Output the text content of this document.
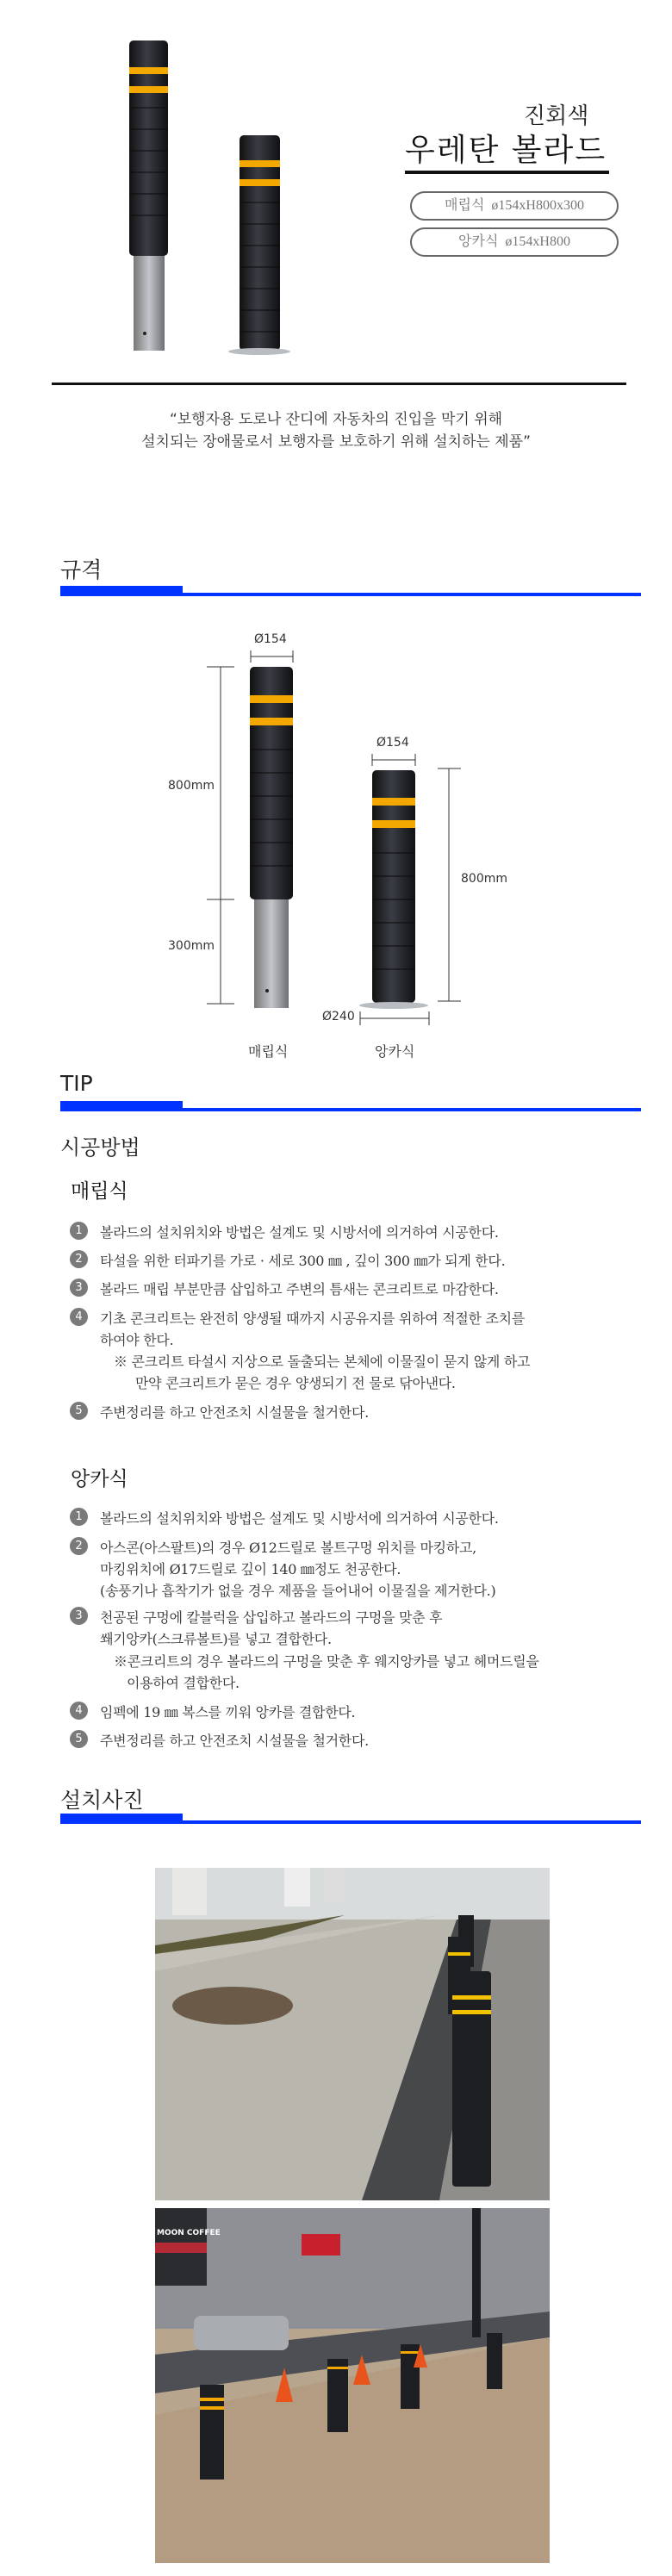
진회색
우레탄 볼라드
매립식 ø154xH800x300
앙카식 ø154xH800
“보행자용 도로나 잔디에 자동차의 진입을 막기 위해
설치되는 장애물로서 보행자를 보호하기 위해 설치하는 제품”
규격
Ø154
800mm
300mm
Ø154
800mm
Ø240
매립식	앙카식
TIP
시공방법
매립식
1	볼라드의 설치위치와 방법은 설계도 및 시방서에 의거하여 시공한다.
2	타설을 위한 터파기를 가로 · 세로 300 ㎜ , 깊이 300 ㎜가 되게 한다.
3	볼라드 매립 부분만큼 삽입하고 주변의 틈새는 콘크리트로 마감한다.
4	기초 콘크리트는 완전히 양생될 때까지 시공유지를 위하여 적절한 조치를
하여야 한다.
※ 콘크리트 타설시 지상으로 돌출되는 본체에 이물질이 묻지 않게 하고
만약 콘크리트가 묻은 경우 양생되기 전 물로 닦아낸다.
5	주변정리를 하고 안전조치 시설물을 철거한다.
앙카식
1	볼라드의 설치위치와 방법은 설계도 및 시방서에 의거하여 시공한다.
2	아스콘(아스팔트)의 경우 Ø12드릴로 볼트구멍 위치를 마킹하고,
마킹위치에 Ø17드릴로 깊이 140 ㎜정도 천공한다.
(송풍기나 흡착기가 없을 경우 제품을 들어내어 이물질을 제거한다.)
3	천공된 구멍에 칼블럭을 삽입하고 볼라드의 구멍을 맞춘 후
쐐기앙카(스크류볼트)를 넣고 결합한다.
※콘크리트의 경우 볼라드의 구멍을 맞춘 후 웨지앙카를 넣고 헤머드릴을
이용하여 결합한다.
4	임펙에 19 ㎜ 복스를 끼워 앙카를 결합한다.
5	주변정리를 하고 안전조치 시설물을 철거한다.
설치사진
MOON COFFEE
